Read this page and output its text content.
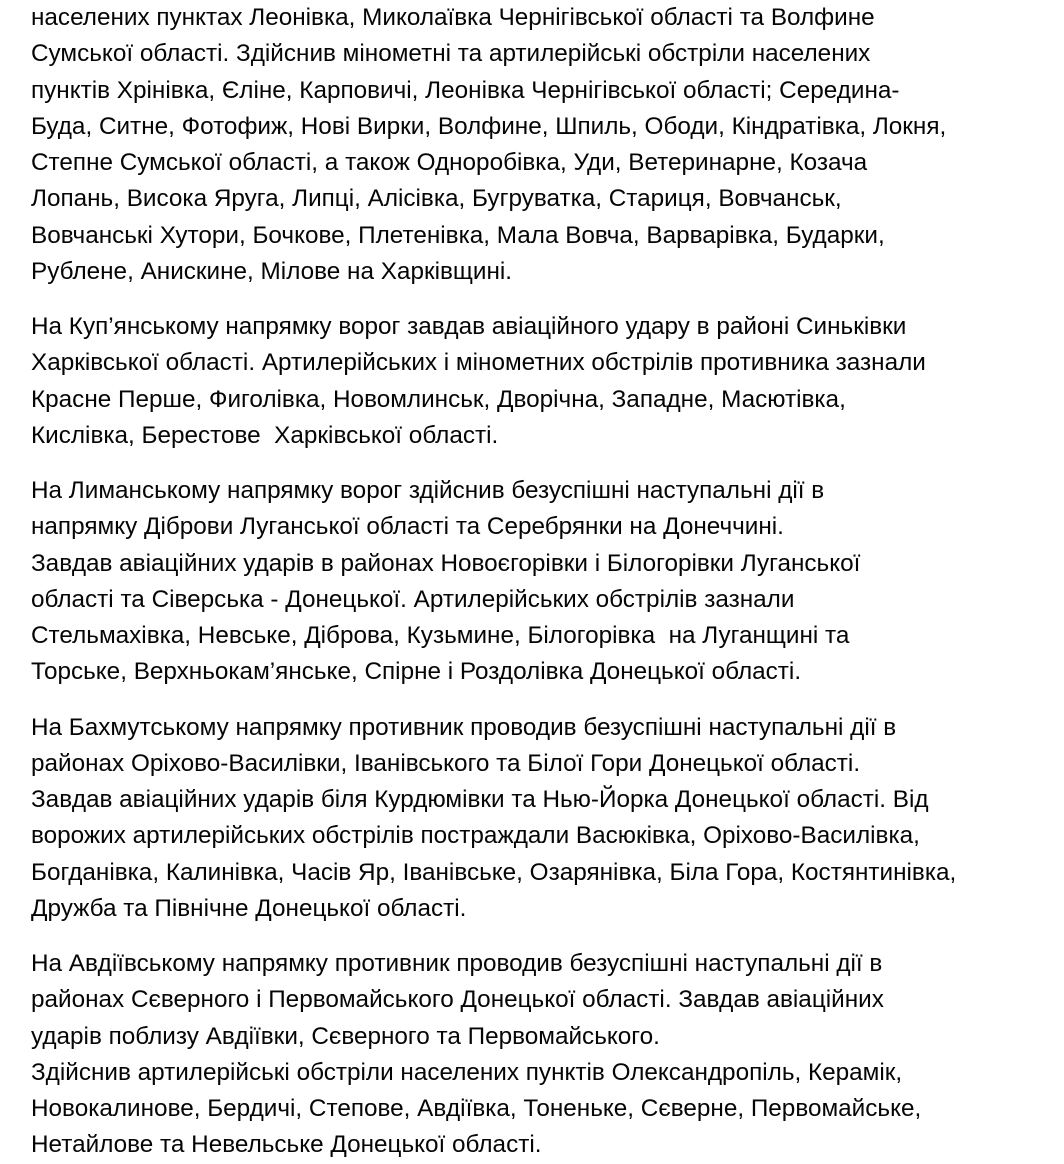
населених пунктах Леонівка, Миколаївка Чернігівської області та Волфине
Сумської області. Здійснив мінометні та артилерійські обстріли населених
пунктів Хрінівка, Єліне, Карповичі, Леонівка Чернігівської області; Середина-
Буда, Ситне, Фотофиж, Нові Вирки, Волфине, Шпиль, Ободи, Кіндратівка, Локня,
Степне Сумської області, а також Одноробівка, Уди, Ветеринарне, Козача
Лопань, Висока Яруга, Липці, Алісівка, Бугруватка, Стариця, Вовчанськ,
Вовчанські Хутори, Бочкове, Плетенівка, Мала Вовча, Варварівка, Бударки,
Рублене, Анискине, Мілове на Харківщині.

На Куп’янському напрямку ворог завдав авіаційного удару в районі Синьківки
Харківської області. Артилерійських і мінометних обстрілів противника зазнали
Красне Перше, Фиголівка, Новомлинськ, Дворічна, Западне, Масютівка,
Кислівка, Берестове  Харківської області.

На Лиманському напрямку ворог здійснив безуспішні наступальні дії в
напрямку Діброви Луганської області та Серебрянки на Донеччині.
Завдав авіаційних ударів в районах Новоєгорівки і Білогорівки Луганської
області та Сіверська - Донецької. Артилерійських обстрілів зазнали
Стельмахівка, Невське, Діброва, Кузьмине, Білогорівка  на Луганщині та
Торське, Верхньокам’янське, Спірне і Роздолівка Донецької області.

На Бахмутському напрямку противник проводив безуспішні наступальні дії в
районах Оріхово-Василівки, Іванівського та Білої Гори Донецької області.
Завдав авіаційних ударів біля Курдюмівки та Нью-Йорка Донецької області. Від
ворожих артилерійських обстрілів постраждали Васюківка, Оріхово-Василівка,
Богданівка, Калинівка, Часів Яр, Іванівське, Озарянівка, Біла Гора, Костянтинівка,
Дружба та Північне Донецької області.

На Авдіївському напрямку противник проводив безуспішні наступальні дії в
районах Сєверного і Первомайського Донецької області. Завдав авіаційних
ударів поблизу Авдіївки, Сєверного та Первомайського.
Здійснив артилерійські обстріли населених пунктів Олександропіль, Керамік,
Новокалинове, Бердичі, Степове, Авдіївка, Тоненьке, Сєверне, Первомайське,
Нетайлове та Невельське Донецької області.
